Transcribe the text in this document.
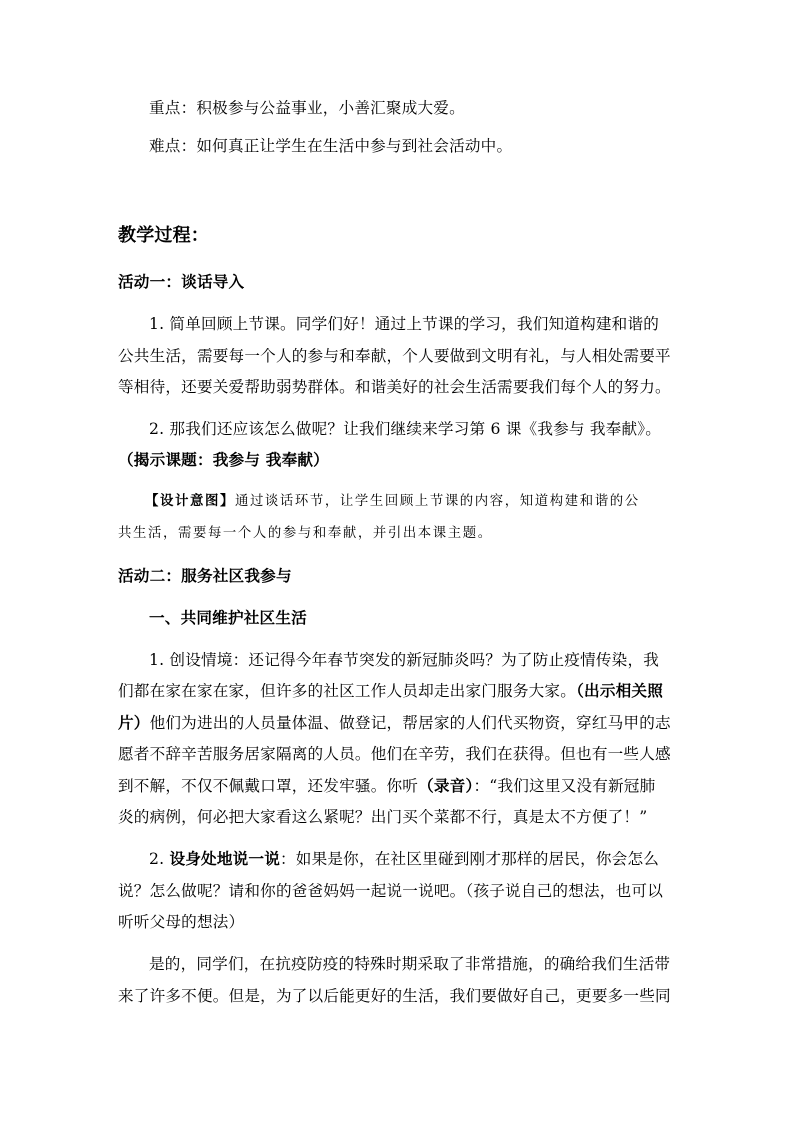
重点：积极参与公益事业，小善汇聚成大爱。
难点：如何真正让学生在生活中参与到社会活动中。
教学过程：
活动一：谈话导入
1. 简单回顾上节课。同学们好！通过上节课的学习，我们知道构建和谐的
公共生活，需要每一个人的参与和奉献，个人要做到文明有礼，与人相处需要平
等相待，还要关爱帮助弱势群体。和谐美好的社会生活需要我们每个人的努力。
2. 那我们还应该怎么做呢？让我们继续来学习第 6 课《我参与 我奉献》。
（揭示课题：我参与 我奉献）
【设计意图】通过谈话环节，让学生回顾上节课的内容，知道构建和谐的公
共生活，需要每一个人的参与和奉献，并引出本课主题。
活动二：服务社区我参与
一、共同维护社区生活
1. 创设情境：还记得今年春节突发的新冠肺炎吗？为了防止疫情传染，我
们都在家在家在家，但许多的社区工作人员却走出家门服务大家。（出示相关照
片）他们为进出的人员量体温、做登记，帮居家的人们代买物资，穿红马甲的志
愿者不辞辛苦服务居家隔离的人员。他们在辛劳，我们在获得。但也有一些人感
到不解，不仅不佩戴口罩，还发牢骚。你听（录音）：“我们这里又没有新冠肺
炎的病例，何必把大家看这么紧呢？出门买个菜都不行，真是太不方便了！”
2. 设身处地说一说：如果是你，在社区里碰到刚才那样的居民，你会怎么
说？怎么做呢？请和你的爸爸妈妈一起说一说吧。（孩子说自己的想法，也可以
听听父母的想法）
是的，同学们，在抗疫防疫的特殊时期采取了非常措施，的确给我们生活带
来了许多不便。但是，为了以后能更好的生活，我们要做好自己，更要多一些同
